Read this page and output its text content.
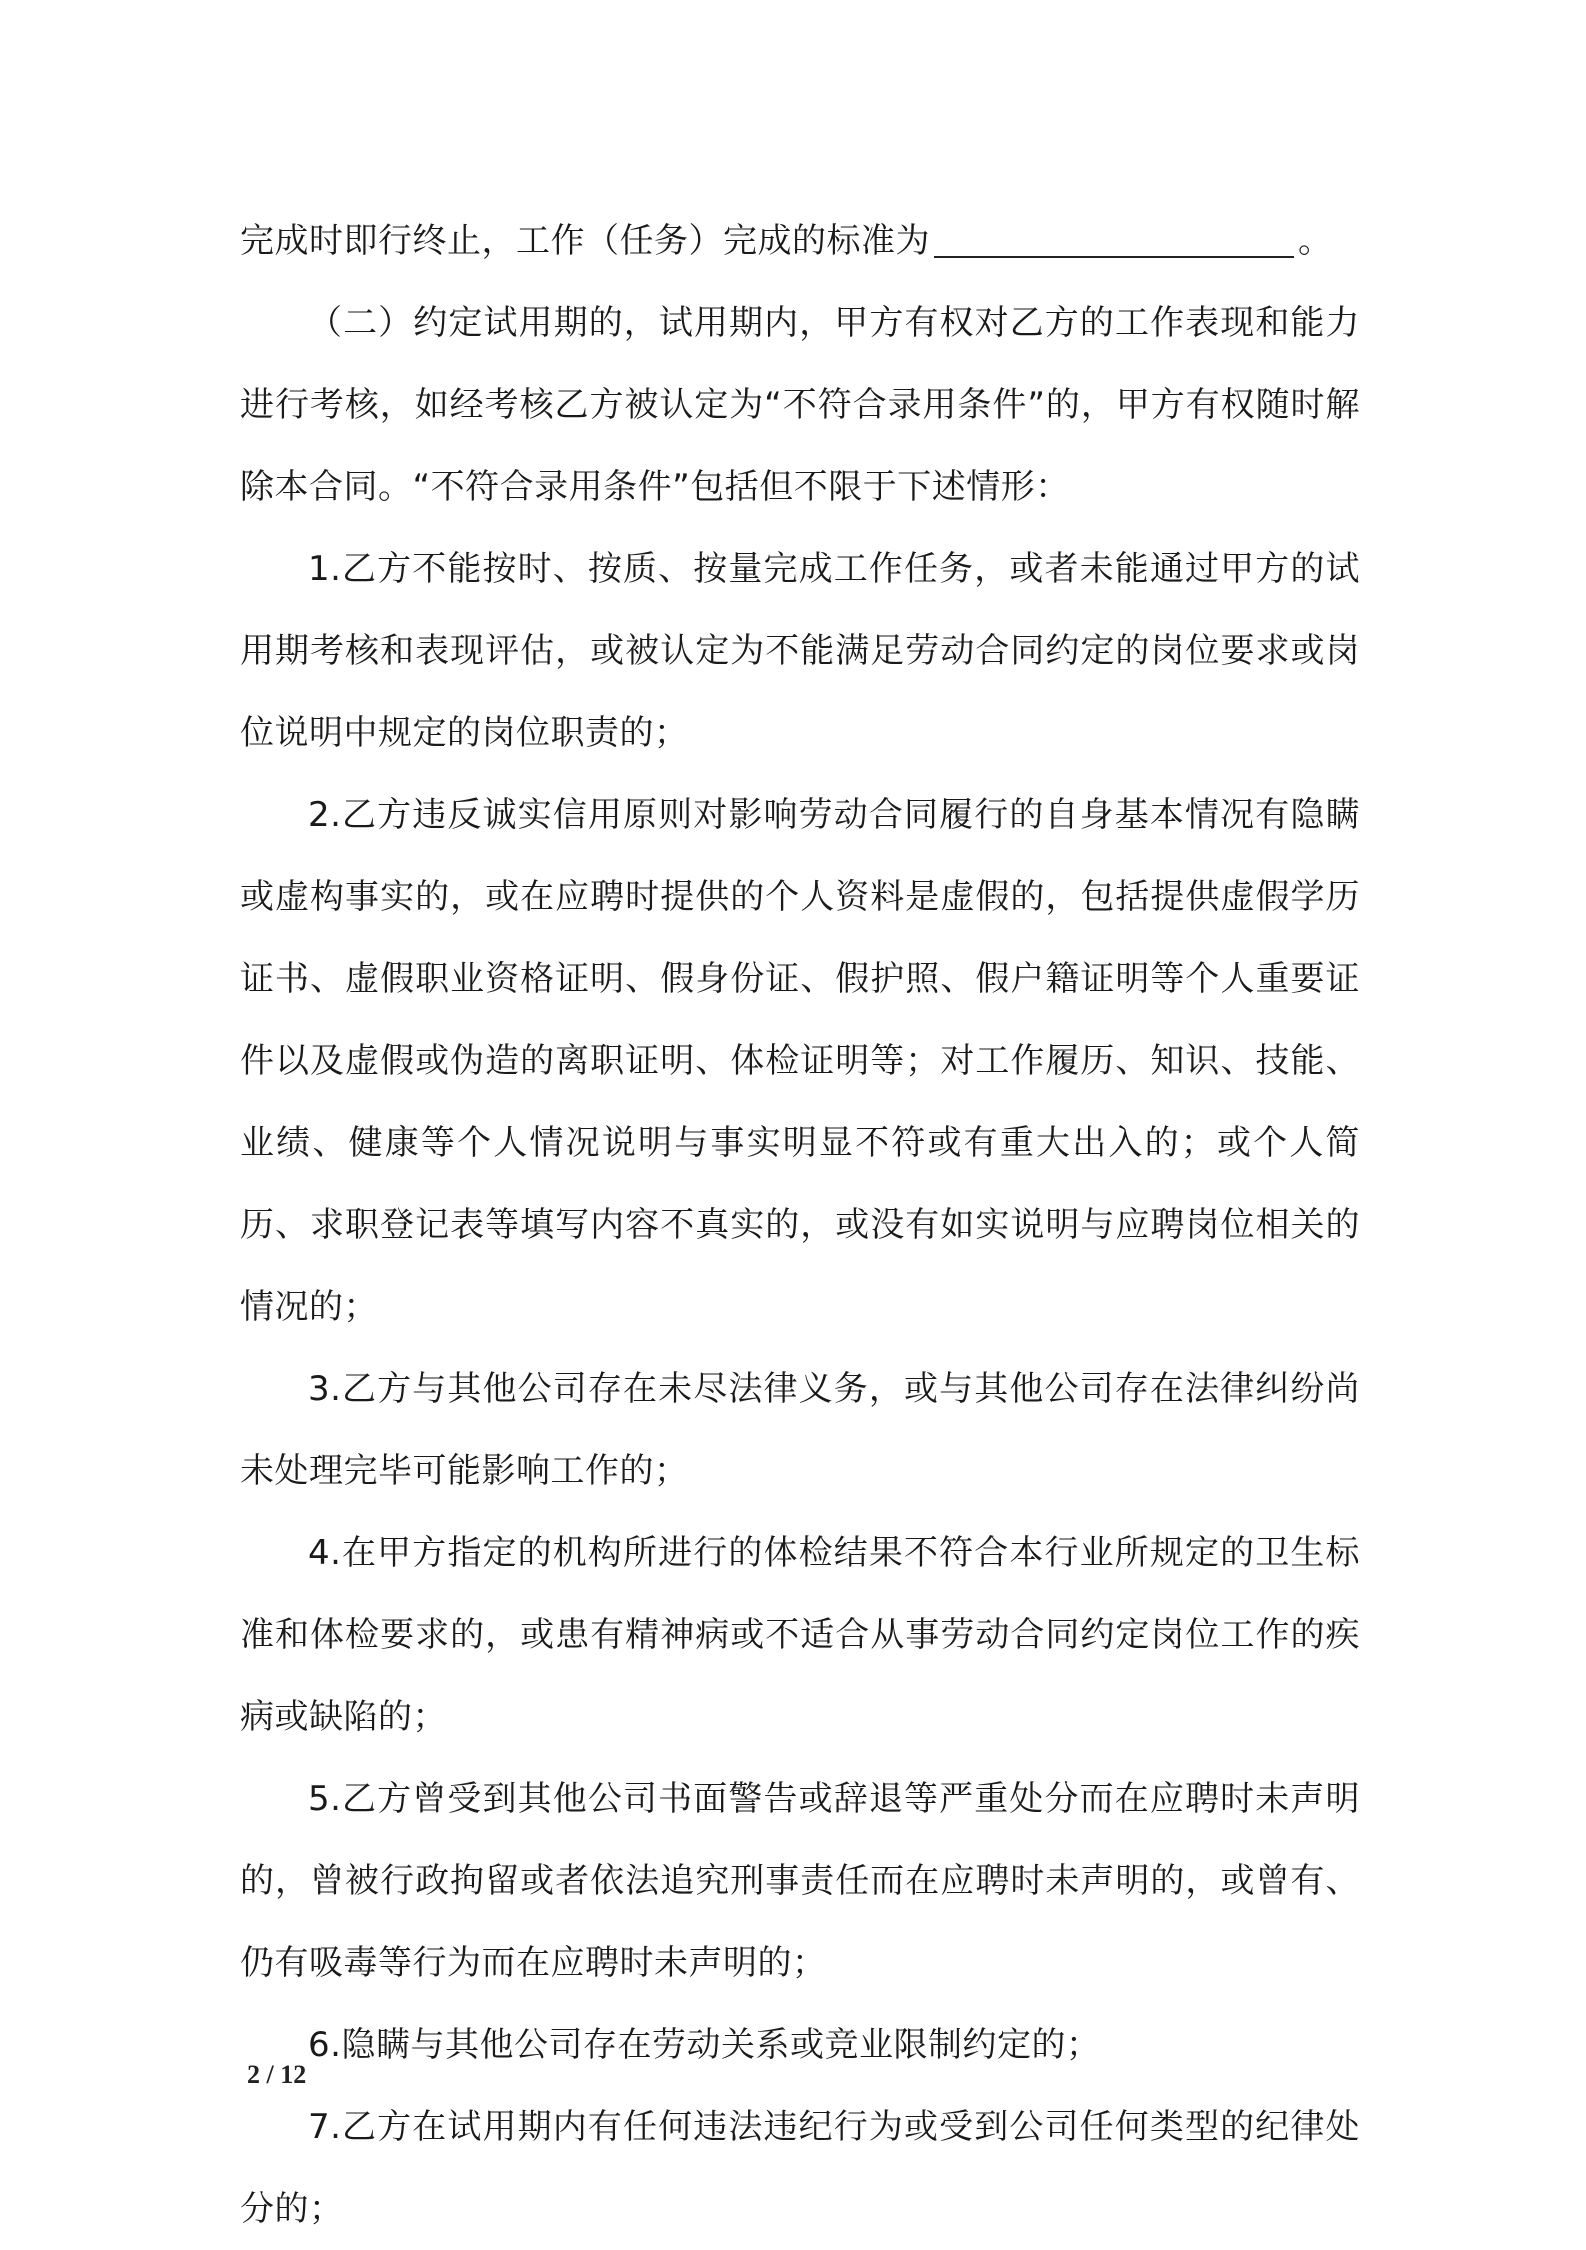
完成时即行终止，工作（任务）完成的标准为	。

（二）约定试用期的，试用期内，甲方有权对乙方的工作表现和能力进行考核，如经考核乙方被认定为“不符合录用条件”的，甲方有权随时解除本合同。“不符合录用条件”包括但不限于下述情形：

1.乙方不能按时、按质、按量完成工作任务，或者未能通过甲方的试用期考核和表现评估，或被认定为不能满足劳动合同约定的岗位要求或岗位说明中规定的岗位职责的；

2.乙方违反诚实信用原则对影响劳动合同履行的自身基本情况有隐瞒或虚构事实的，或在应聘时提供的个人资料是虚假的，包括提供虚假学历证书、虚假职业资格证明、假身份证、假护照、假户籍证明等个人重要证件以及虚假或伪造的离职证明、体检证明等；对工作履历、知识、技能、业绩、健康等个人情况说明与事实明显不符或有重大出入的；或个人简历、求职登记表等填写内容不真实的，或没有如实说明与应聘岗位相关的情况的；

3.乙方与其他公司存在未尽法律义务，或与其他公司存在法律纠纷尚未处理完毕可能影响工作的；

4.在甲方指定的机构所进行的体检结果不符合本行业所规定的卫生标准和体检要求的，或患有精神病或不适合从事劳动合同约定岗位工作的疾病或缺陷的；

5.乙方曾受到其他公司书面警告或辞退等严重处分而在应聘时未声明的，曾被行政拘留或者依法追究刑事责任而在应聘时未声明的，或曾有、仍有吸毒等行为而在应聘时未声明的；

6.隐瞒与其他公司存在劳动关系或竞业限制约定的；

7.乙方在试用期内有任何违法违纪行为或受到公司任何类型的纪律处分的；

2 / 12
